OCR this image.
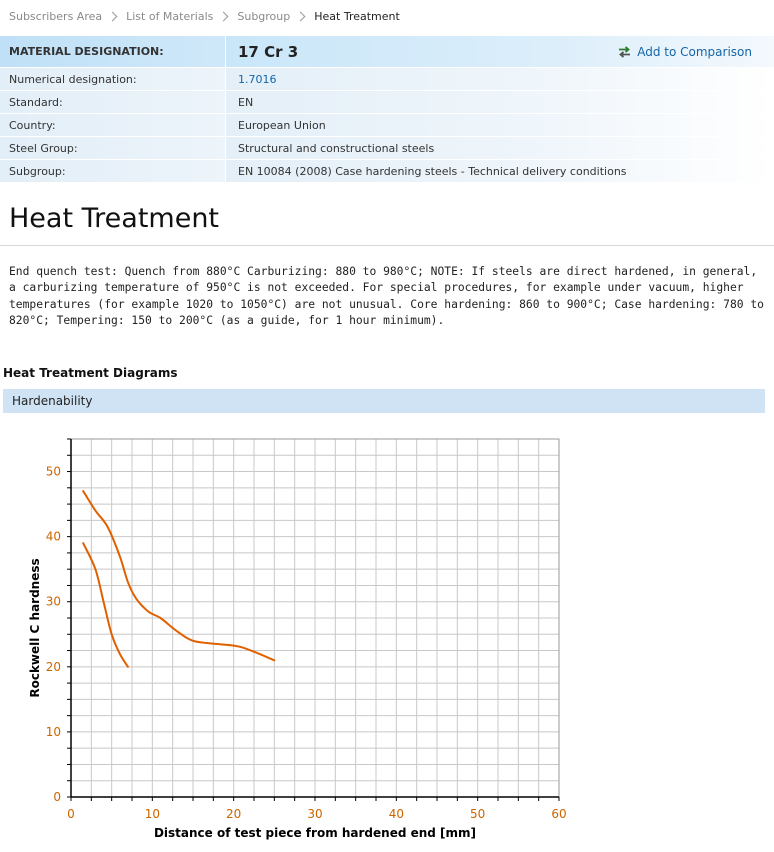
Subscribers Area List of Materials Subgroup Heat Treatment
MATERIAL DESIGNATION:	17 Cr 3	Add to Comparison
Numerical designation:	1.7016
Standard:	EN
Country:	European Union
Steel Group:	Structural and constructional steels
Subgroup:	EN 10084 (2008) Case hardening steels - Technical delivery conditions
Heat Treatment

End quench test: Quench from 880°C Carburizing: 880 to 980°C; NOTE: If steels are direct hardened, in general, a carburizing temperature of 950°C is not exceeded. For special procedures, for example under vacuum, higher temperatures (for example 1020 to 1050°C) are not unusual. Core hardening: 860 to 900°C; Case hardening: 780 to 820°C; Tempering: 150 to 200°C (as a guide, for 1 hour minimum).

Heat Treatment Diagrams
Hardenability
0
10
20
30
40
50
0	10	20	30	40	50	60
Distance of test piece from hardened end [mm]
Rockwell C hardness
